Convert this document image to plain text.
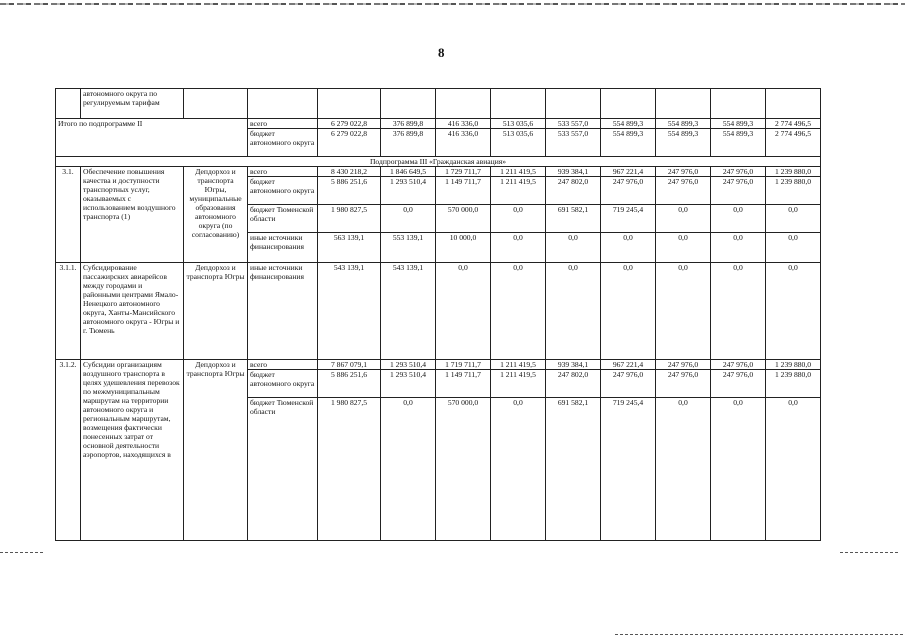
8
	автономного округа по регулируемым тарифам											
Итого по подпрограмме II			всего	6 279 022,8	376 899,8	416 336,0	513 035,6	533 557,0	554 899,3	554 899,3	554 899,3	2 774 496,5
			бюджет автономного округа	6 279 022,8	376 899,8	416 336,0	513 035,6	533 557,0	554 899,3	554 899,3	554 899,3	2 774 496,5
Подпрограмма III «Гражданская авиация»												
3.1.	Обеспечение повышения качества и доступности транспортных услуг, оказываемых с использованием воздушного транспорта (1)	Депдорхоз и транспорта Югры, муниципальные образования автономного округа (по согласованию)	всего	8 430 218,2	1 846 649,5	1 729 711,7	1 211 419,5	939 384,1	967 221,4	247 976,0	247 976,0	1 239 880,0
			бюджет автономного округа	5 886 251,6	1 293 510,4	1 149 711,7	1 211 419,5	247 802,0	247 976,0	247 976,0	247 976,0	1 239 880,0
			бюджет Тюменской области	1 980 827,5	0,0	570 000,0	0,0	691 582,1	719 245,4	0,0	0,0	0,0
			иные источники финансирования	563 139,1	553 139,1	10 000,0	0,0	0,0	0,0	0,0	0,0	0,0
3.1.1.	Субсидирование пассажирских авиарейсов между городами и районными центрами Ямало-Ненецкого автономного округа, Ханты-Мансийского автономного округа - Югры и г. Тюмень	Депдорхоз и транспорта Югры	иные источники финансирования	543 139,1	543 139,1	0,0	0,0	0,0	0,0	0,0	0,0	0,0
3.1.2.	Субсидии организациям воздушного транспорта в целях удешевления перевозок по межмуниципальным маршрутам на территории автономного округа и региональным маршрутам, возмещения фактически понесенных затрат от основной деятельности аэропортов, находящихся в	Депдорхоз и транспорта Югры	всего	7 867 079,1	1 293 510,4	1 719 711,7	1 211 419,5	939 384,1	967 221,4	247 976,0	247 976,0	1 239 880,0
			бюджет автономного округа	5 886 251,6	1 293 510,4	1 149 711,7	1 211 419,5	247 802,0	247 976,0	247 976,0	247 976,0	1 239 880,0
			бюджет Тюменской области	1 980 827,5	0,0	570 000,0	0,0	691 582,1	719 245,4	0,0	0,0	0,0
